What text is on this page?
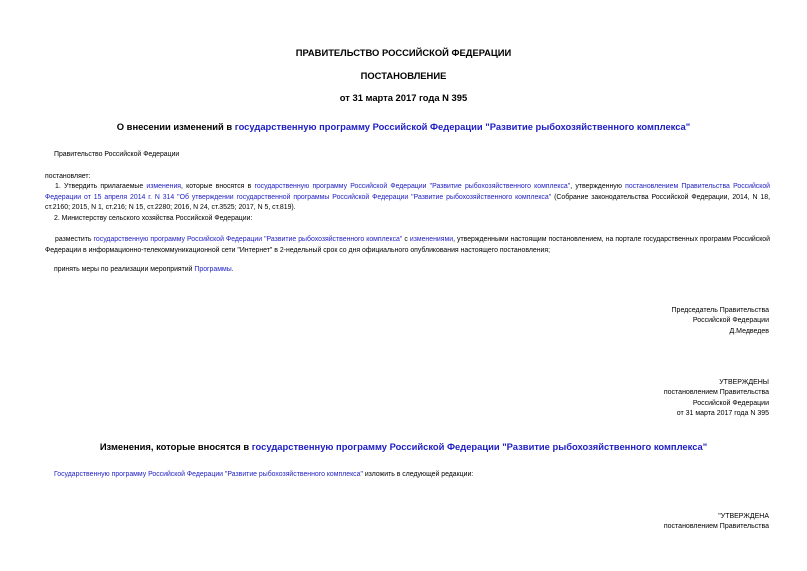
ПРАВИТЕЛЬСТВО РОССИЙСКОЙ ФЕДЕРАЦИИ
ПОСТАНОВЛЕНИЕ
от 31 марта 2017 года N 395
О внесении изменений в государственную программу Российской Федерации "Развитие рыбохозяйственного комплекса"
Правительство Российской Федерации
постановляет:
1. Утвердить прилагаемые изменения, которые вносятся в государственную программу Российской Федерации "Развитие рыбохозяйственного комплекса", утвержденную постановлением Правительства Российской Федерации от 15 апреля 2014 г. N 314 "Об утверждении государственной программы Российской Федерации "Развитие рыбохозяйственного комплекса" (Собрание законодательства Российской Федерации, 2014, N 18, ст.2160; 2015, N 1, ст.216; N 15, ст.2280; 2016, N 24, ст.3525; 2017, N 5, ст.819).
2. Министерству сельского хозяйства Российской Федерации:
разместить государственную программу Российской Федерации "Развитие рыбохозяйственного комплекса" с изменениями, утвержденными настоящим постановлением, на портале государственных программ Российской Федерации в информационно-телекоммуникационной сети "Интернет" в 2-недельный срок со дня официального опубликования настоящего постановления;
принять меры по реализации мероприятий Программы.
Председатель Правительства
Российской Федерации
Д.Медведев
УТВЕРЖДЕНЫ
постановлением Правительства
Российской Федерации
от 31 марта 2017 года N 395
Изменения, которые вносятся в государственную программу Российской Федерации "Развитие рыбохозяйственного комплекса"
Государственную программу Российской Федерации "Развитие рыбохозяйственного комплекса" изложить в следующей редакции:
"УТВЕРЖДЕНА
постановлением Правительства
